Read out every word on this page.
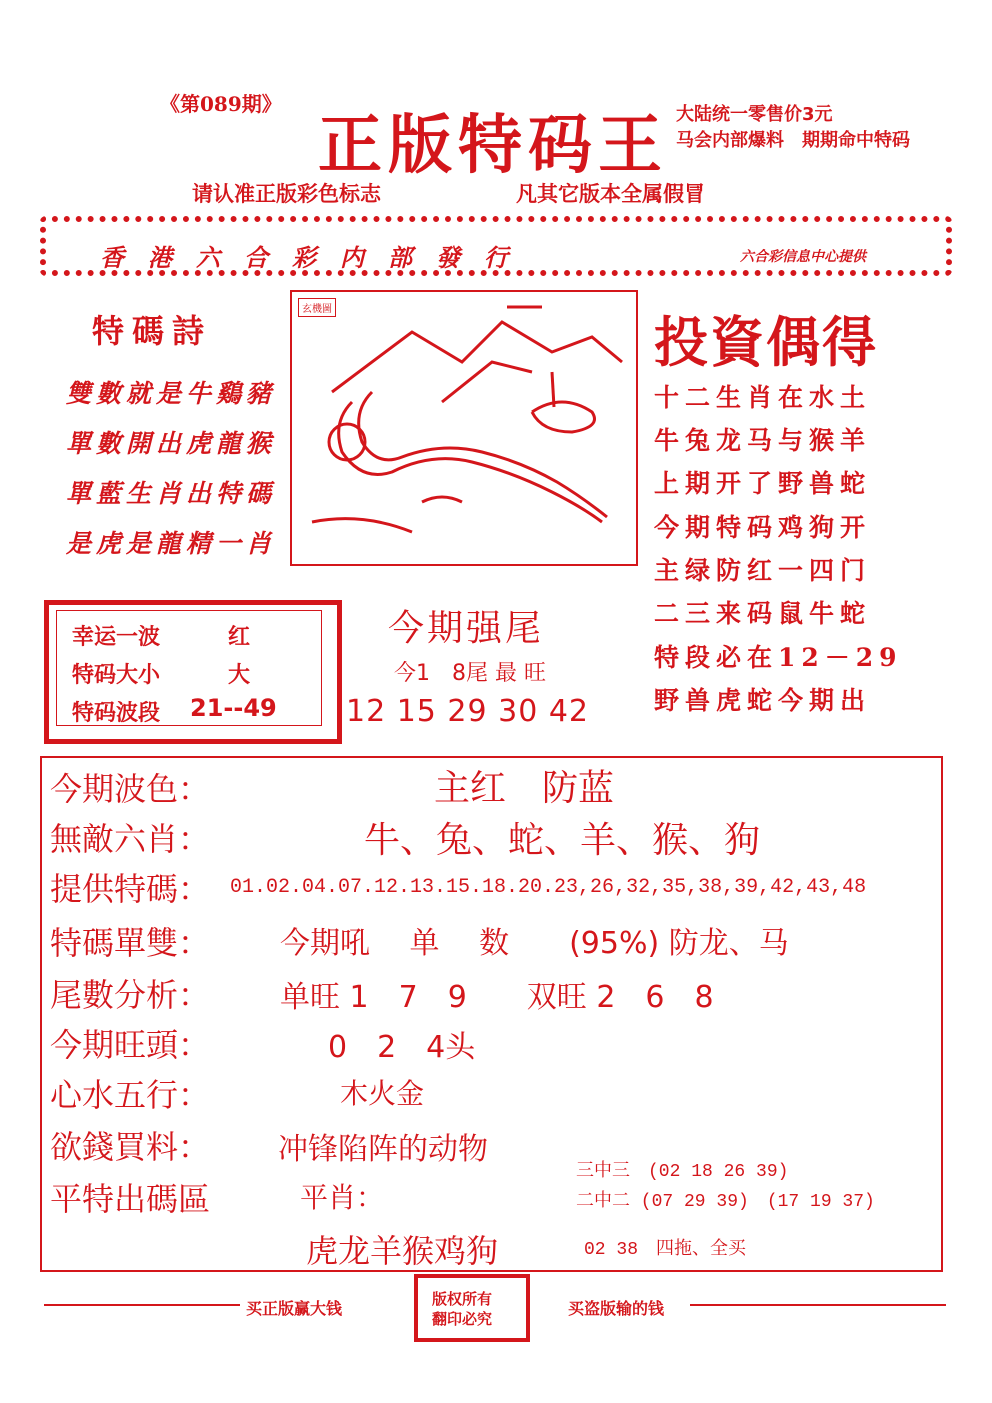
《第089期》
正版特码王 大陆统一零售价3元
马会内部爆料　期期命中特码
请认准正版彩色标志	凡其它版本全属假冒
香　港　六　合　彩　内　部　發　行	六合彩信息中心提供
特碼詩
雙數就是牛鷄豬
單數開出虎龍猴
單藍生肖出特碼
是虎是龍精一肖
玄機圖
投資偶得
十二生肖在水土
牛兔龙马与猴羊
上期开了野兽蛇
今期特码鸡狗开
主绿防红一四门
二三来码鼠牛蛇
特段必在12－29
野兽虎蛇今期出
幸运一波	红
特码大小	大
特码波段 21--49
今期强尾
今1　8尾 最 旺
12 15 29 30 42
今期波色：	主红　防蓝
無敵六肖：	牛、兔、蛇、羊、猴、狗
提供特碼： 01.02.04.07.12.13.15.18.20.23,26,32,35,38,39,42,43,48
特碼單雙： 今期吼　 单　 数　　(95%) 防龙、马
尾數分析： 单旺 1　7　9　　双旺 2　6　8
今期旺頭：	0　2　4头
心水五行：	木火金
欲錢買料： 冲锋陷阵的动物
平特出碼區	平肖：
虎龙羊猴鸡狗
三中三　(02 18 26 39)
二中二 (07 29 39)　(17 19 37)
02 38　四拖、全买
买正版赢大钱	版权所有
翻印必究
买盗版输的钱
